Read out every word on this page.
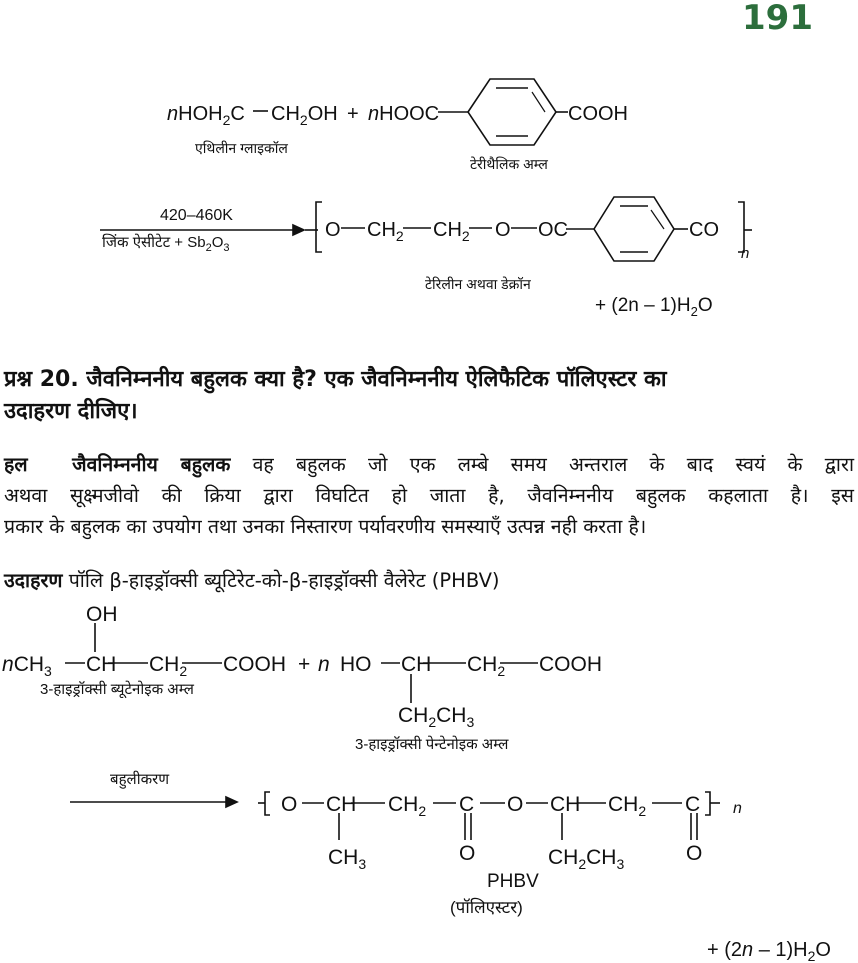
191
nHOH$_2$C $CH_2OH$ + nHOOC	COOH
एथिलीन ग्लाइकॉल
टेरीथैलिक अम्ल
420–460K
जिंक ऐसीटेट + $Sb_2O_3$
O $CH_2$ $CH_2$ O OC	CO
n
टेरिलीन अथवा डेक्रॉन
+ $(2n - 1)H_2O$
OH
nCH$_3$ CH $CH_2$ COOH + n HO CH $CH_2$ COOH
3-हाइड्रॉक्सी ब्यूटेनोइक अम्ल
$CH_2CH_3$
3-हाइड्रॉक्सी पेन्टेनोइक अम्ल
बहुलीकरण
O CH $CH_2$ C O CH $CH_2$ C n
$CH_3$	O	$CH_2CH_3$	O
PHBV
(पॉलिएस्टर)
+ $(2n - 1)H_2O$
प्रश्न 20. जैवनिम्ननीय बहुलक क्या है? एक जैवनिम्ननीय ऐलिफैटिक पॉलिएस्टर का
उदाहरण दीजिए।
हल जैवनिम्ननीय बहुलक वह बहुलक जो एक लम्बे समय अन्तराल के बाद स्वयं के द्वारा
अथवा सूक्ष्मजीवो की क्रिया द्वारा विघटित हो जाता है, जैवनिम्ननीय बहुलक कहलाता है। इस
प्रकार के बहुलक का उपयोग तथा उनका निस्तारण पर्यावरणीय समस्याएँ उत्पन्न नही करता है।
उदाहरण पॉलि β-हाइड्रॉक्सी ब्यूटिरेट-को-β-हाइड्रॉक्सी वैलेरेट (PHBV)
